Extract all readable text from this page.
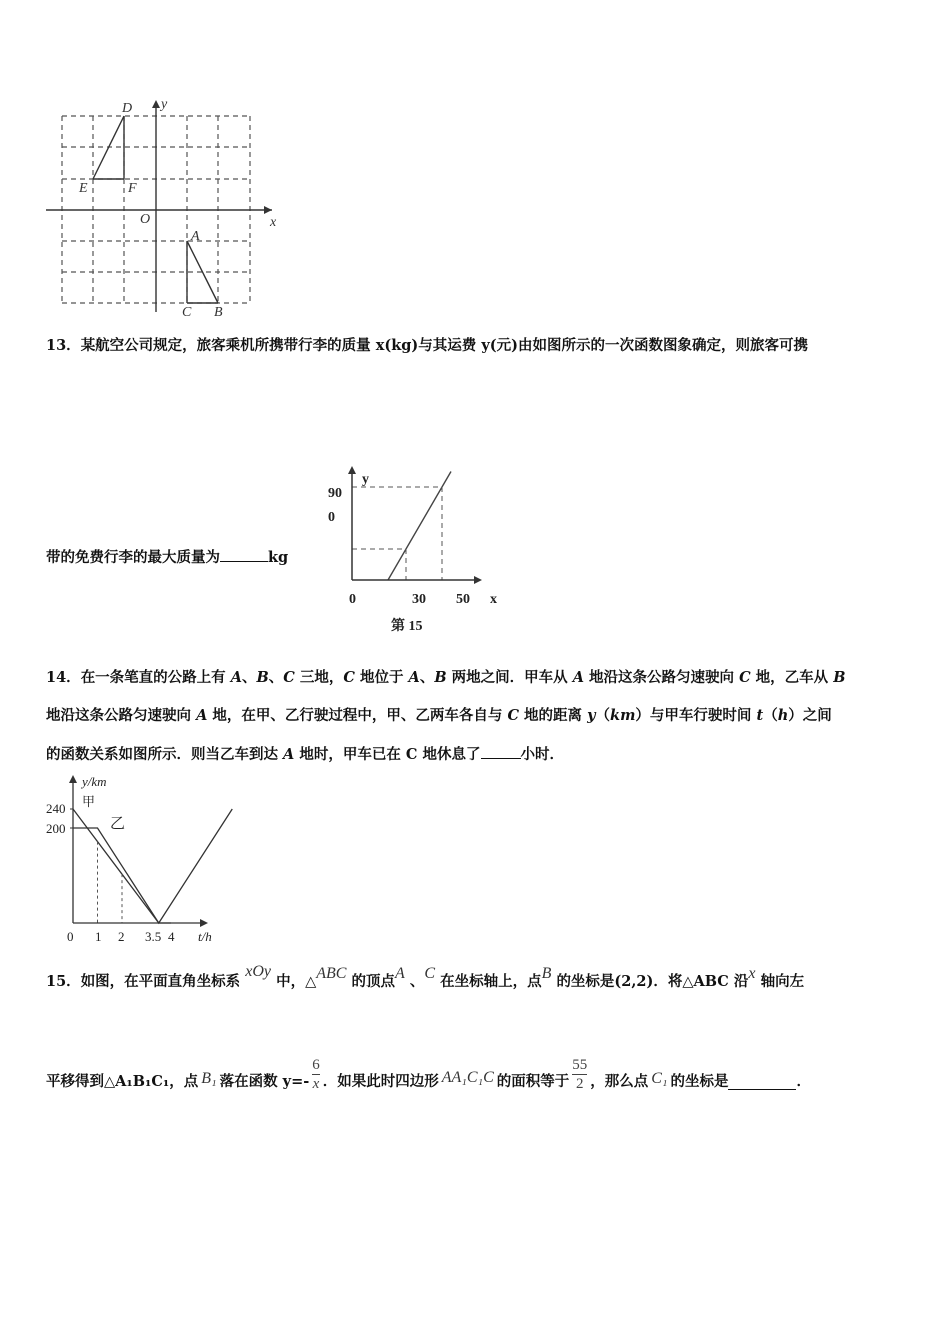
D y
E	F
O	x
A
C B
13．某航空公司规定，旅客乘机所携带行李的质量 x(kg)与其运费 y(元)由如图所示的一次函数图象确定，则旅客可携
带的免费行李的最大质量为	kg
y
90
0
0	30 50 x
第 15
14．在一条笔直的公路上有 A、B、C 三地，C 地位于 A、B 两地之间．甲车从 A 地沿这条公路匀速驶向 C 地，乙车从 B
地沿这条公路匀速驶向 A 地，在甲、乙行驶过程中，甲、乙两车各自与 C 地的距离 y（km）与甲车行驶时间 t（h）之间
的函数关系如图所示．则当乙车到达 A 地时，甲车已在 C 地休息了	小时．
y/km
240
200
甲
乙
0 1 2 3.5 4 t/h
15．如图，在平面直角坐标系 xOy 中，△ABC 的顶点A 、C 在坐标轴上，点B 的坐标是(2,2)．将△ABC 沿x 轴向左
平移得到△A₁B₁C₁，点 B₁ 落在函数 $y=- \frac{6}{x}$ ．如果此时四边形 AA₁C₁C 的面积等于 $\frac{55}{2}$ ，那么点 C₁ 的坐标是	．
